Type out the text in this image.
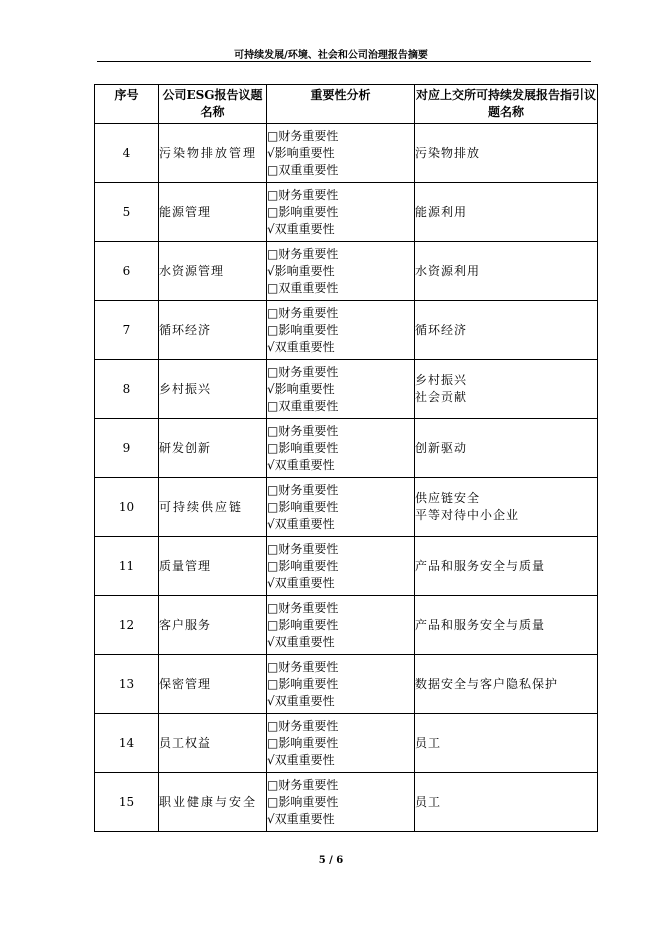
可持续发展/环境、社会和公司治理报告摘要
序号	公司ESG报告议题名称	重要性分析	对应上交所可持续发展报告指引议题名称
4	污染物排放管理	□财务重要性
√影响重要性
□双重重要性	污染物排放

5	能源管理	□财务重要性
□影响重要性
√双重重要性	能源利用

6	水资源管理	□财务重要性
√影响重要性
□双重重要性	水资源利用

7	循环经济	□财务重要性
□影响重要性
√双重重要性	循环经济

8	乡村振兴	□财务重要性
√影响重要性
□双重重要性	乡村振兴
社会贡献

9	研发创新	□财务重要性
□影响重要性
√双重重要性	创新驱动

10	可持续供应链	□财务重要性
□影响重要性
√双重重要性	供应链安全
平等对待中小企业

11	质量管理	□财务重要性
□影响重要性
√双重重要性	产品和服务安全与质量

12	客户服务	□财务重要性
□影响重要性
√双重重要性	产品和服务安全与质量

13	保密管理	□财务重要性
□影响重要性
√双重重要性	数据安全与客户隐私保护

14	员工权益	□财务重要性
□影响重要性
√双重重要性	员工

15	职业健康与安全	□财务重要性
□影响重要性
√双重重要性	员工
5 / 6
